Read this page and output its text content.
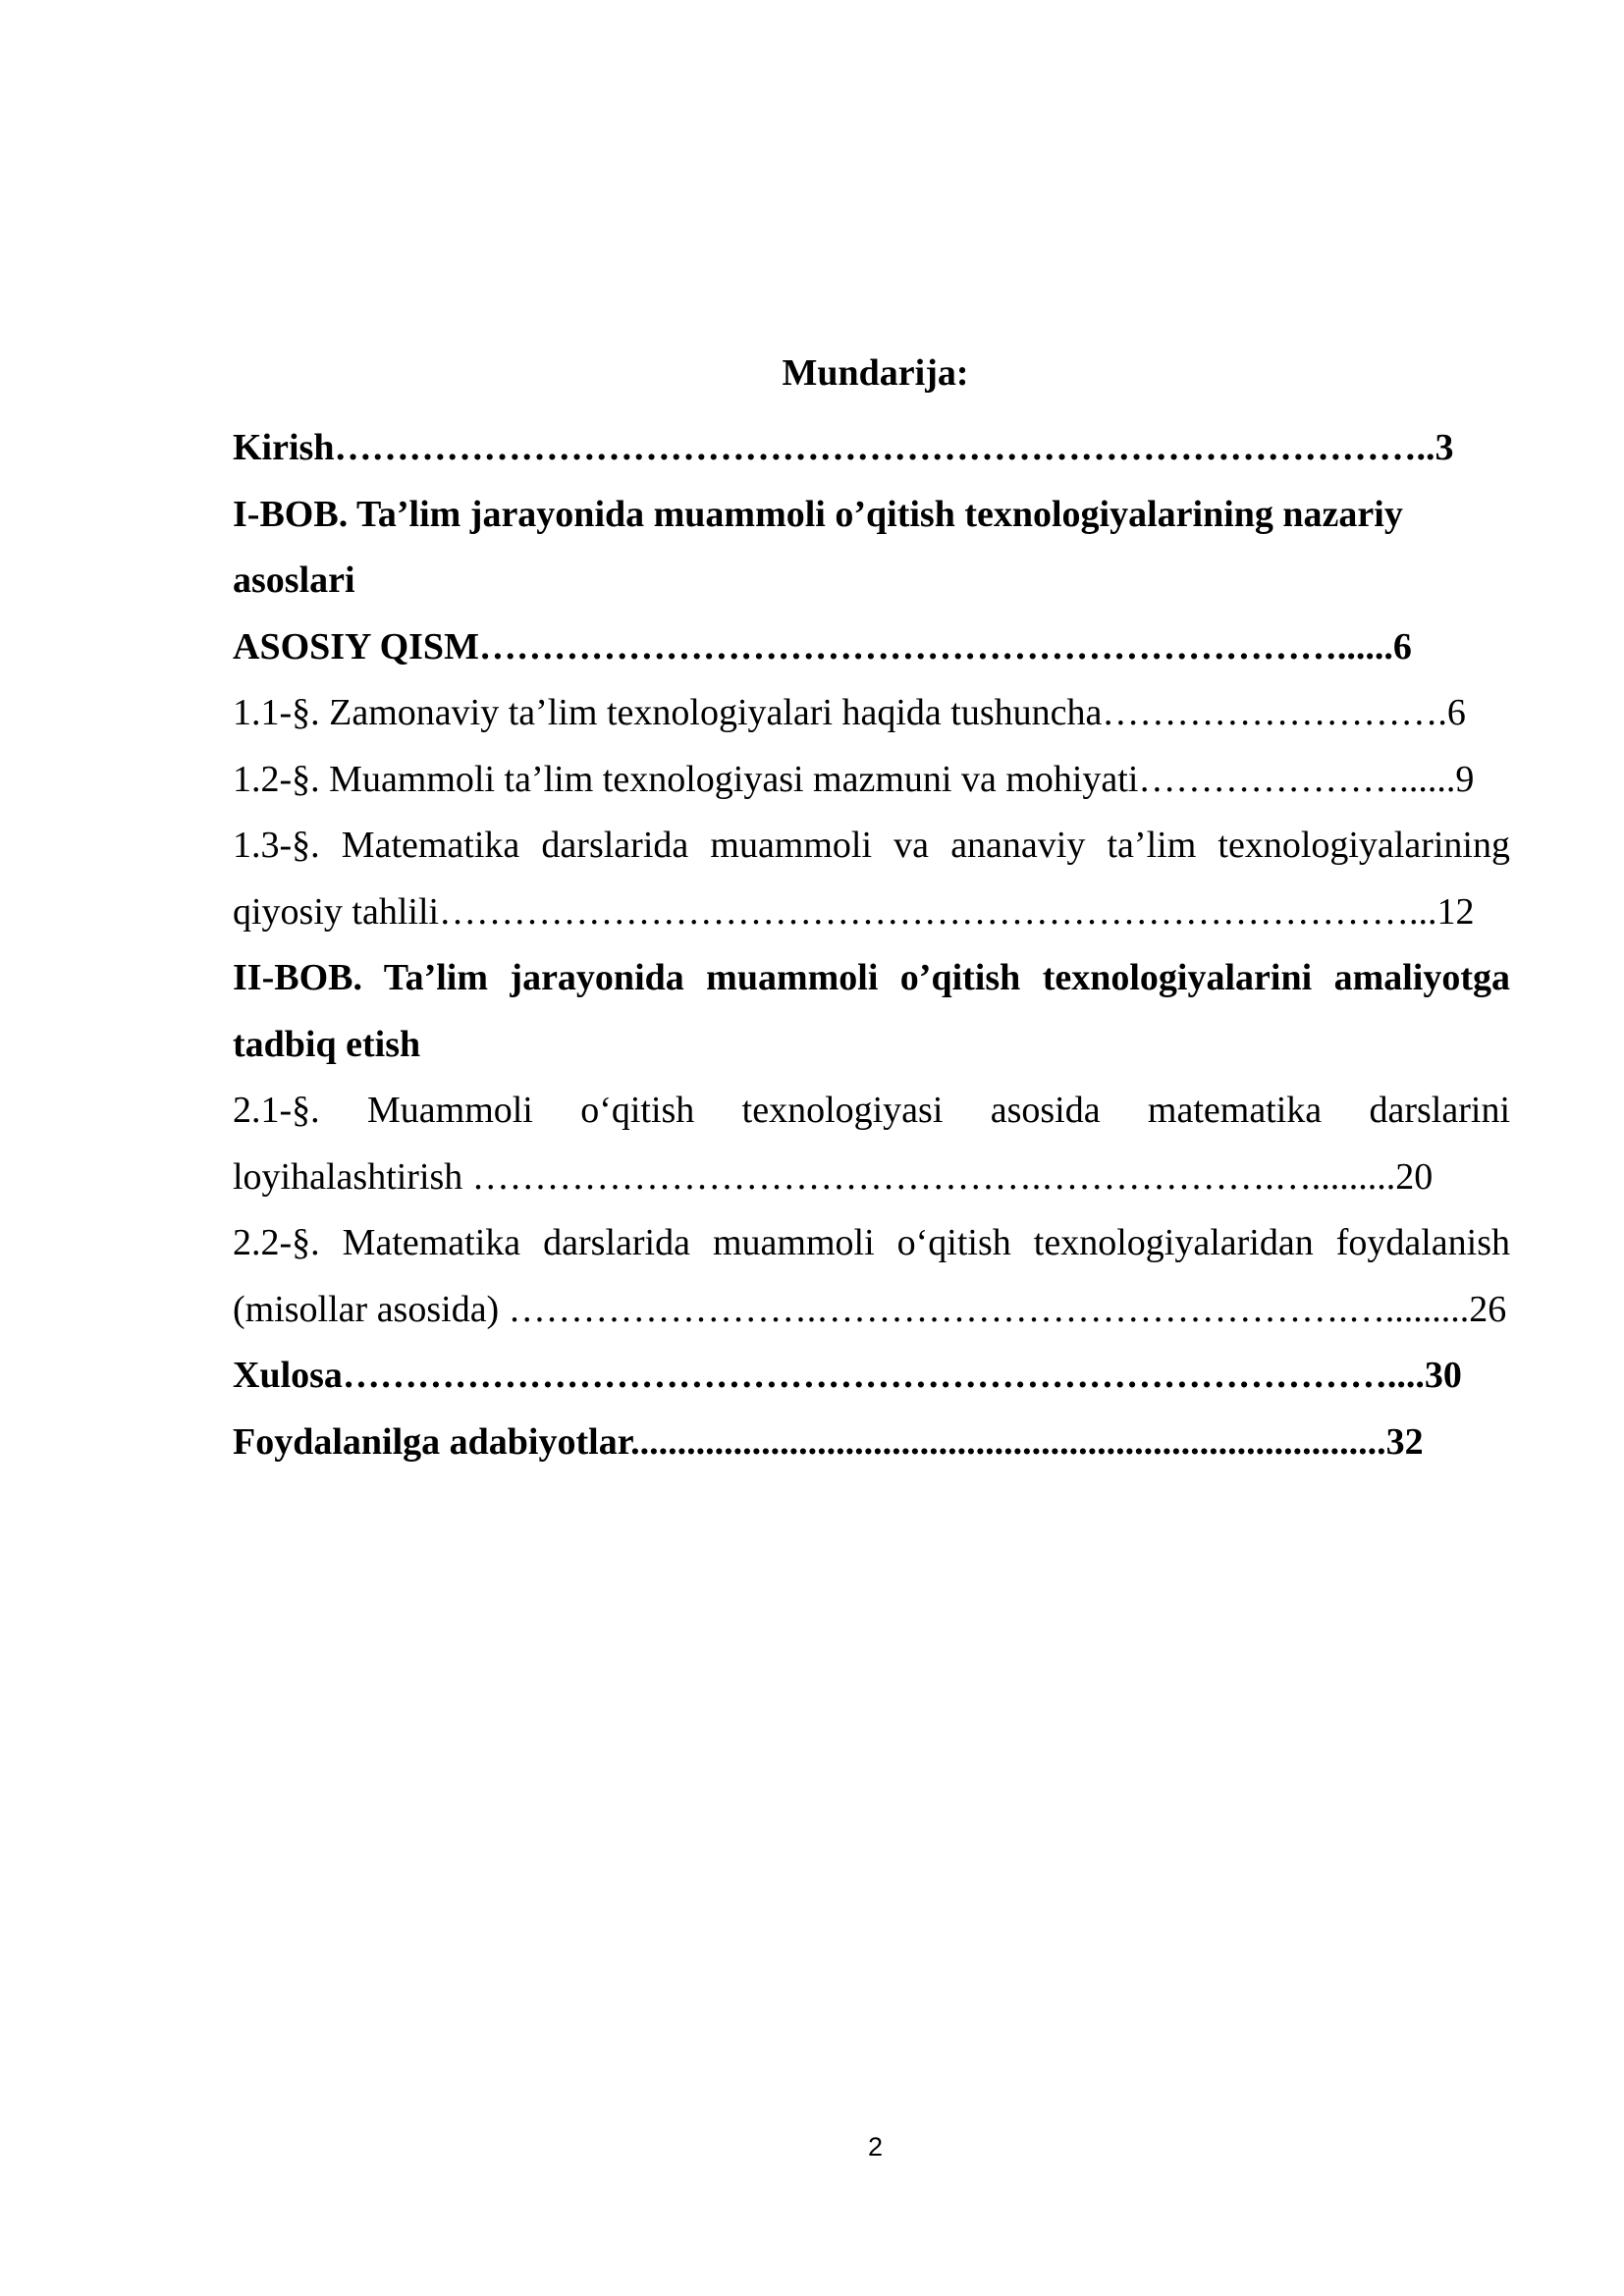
Mundarija:
Kirish……………………………………………………………………………..3
I-BOB. Ta’lim jarayonida muammoli o’qitish texnologiyalarining nazariy
asoslari
ASOSIY QISM……………………………………………………………......6
1.1-§. Zamonaviy ta’lim texnologiyalari haqida tushuncha……………………….6
1.2-§. Muammoli ta’lim texnologiyasi mazmuni va mohiyati…………………......9
1.3-§. Matematika darslarida muammoli va ananaviy ta’lim texnologiyalarining
qiyosiy tahlili……………………………………………………………………...12
II-BOB. Ta’lim jarayonida muammoli o’qitish texnologiyalarini amaliyotga
tadbiq etish
2.1-§. Muammoli o‘qitish texnologiyasi asosida matematika darslarini
loyihalashtirish ……………………………………….……………….….........20
2.2-§. Matematika darslarida muammoli o‘qitish texnologiyalaridan foydalanish
(misollar asosida) …………………….…………………………………….….........26
Xulosa…………………………………………………………………………....30
Foydalanilga adabiyotlar.................................................................................32
2
